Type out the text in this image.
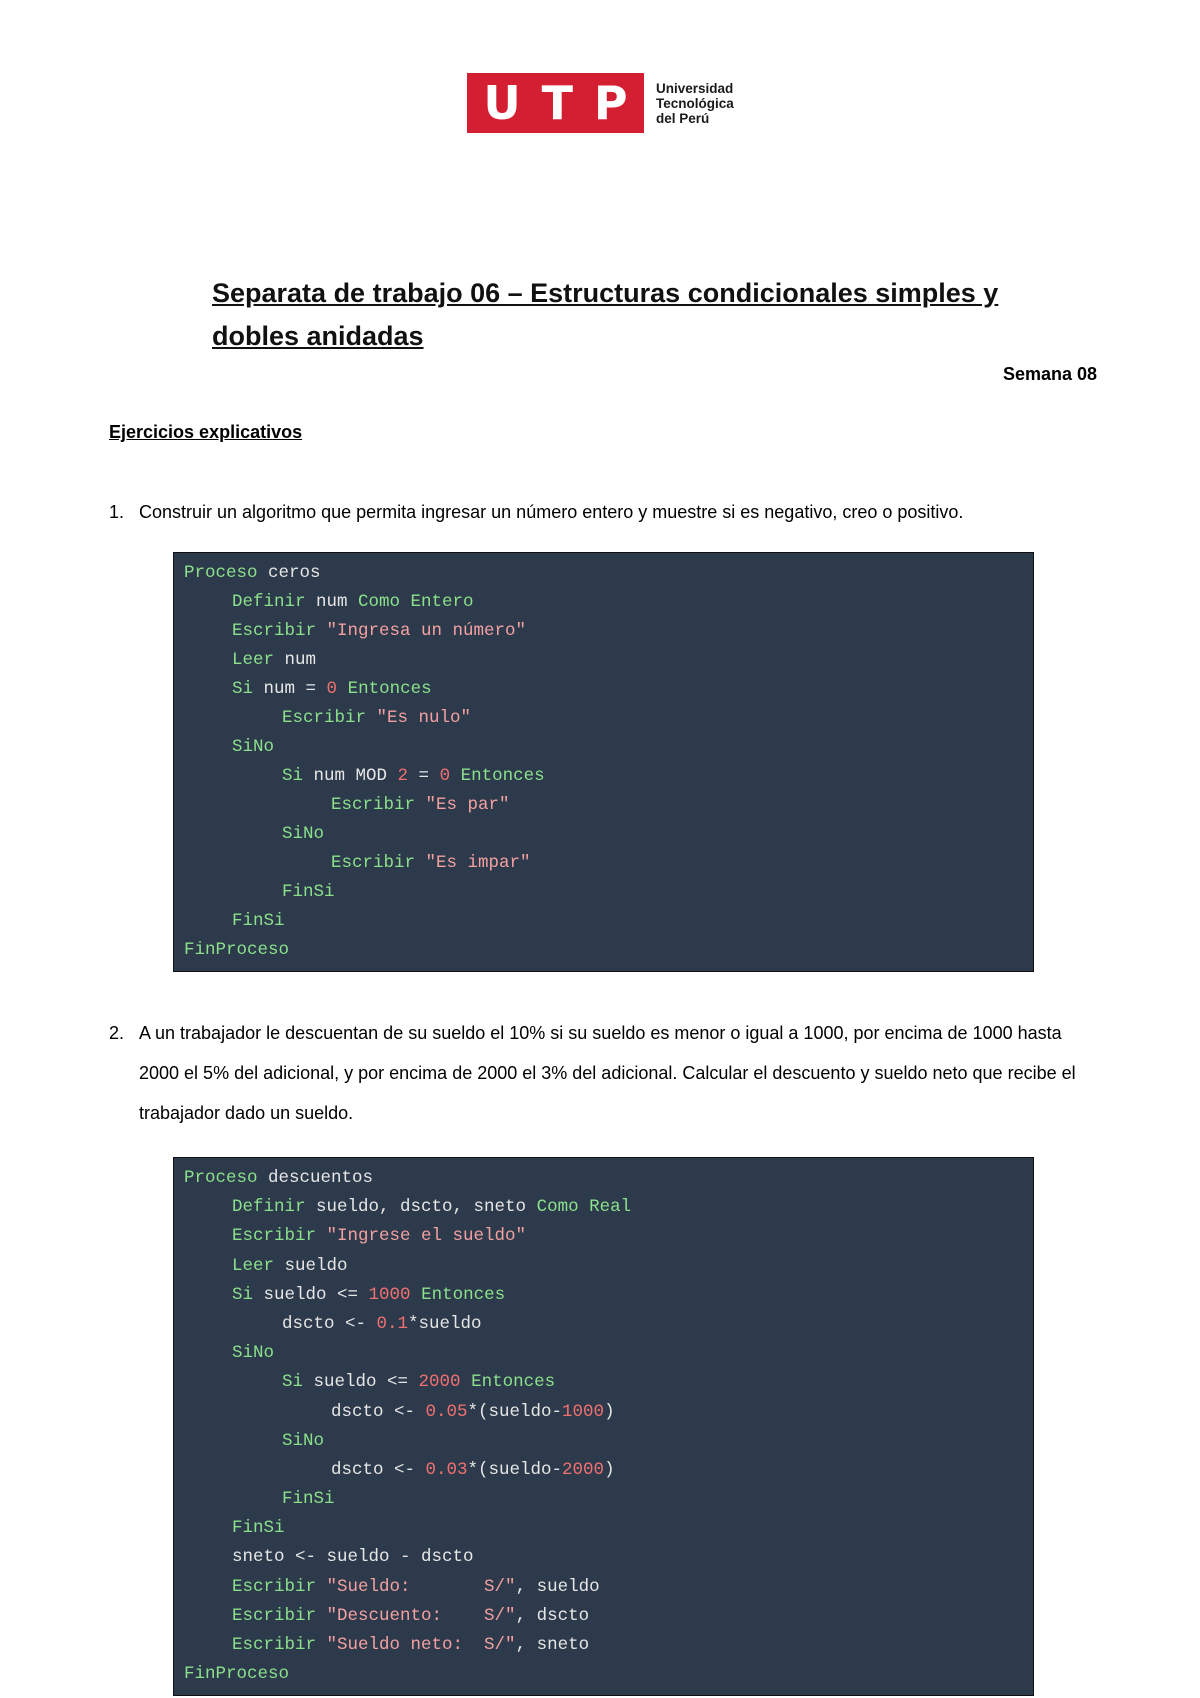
U T P Universidad
Tecnológica
del Perú
Separata de trabajo 06 – Estructuras condicionales simples y dobles anidadas
Semana 08
Ejercicios explicativos
1. Construir un algoritmo que permita ingresar un número entero y muestre si es negativo, creo o positivo.
Proceso ceros
Definir num Como Entero
Escribir "Ingresa un número"
Leer num
Si num = 0 Entonces
Escribir "Es nulo"
SiNo
Si num MOD 2 = 0 Entonces
Escribir "Es par"
SiNo
Escribir "Es impar"
FinSi
FinSi
FinProceso
2. A un trabajador le descuentan de su sueldo el 10% si su sueldo es menor o igual a 1000, por encima de 1000 hasta 2000 el 5% del adicional, y por encima de 2000 el 3% del adicional. Calcular el descuento y sueldo neto que recibe el trabajador dado un sueldo.
Proceso descuentos
Definir sueldo, dscto, sneto Como Real
Escribir "Ingrese el sueldo"
Leer sueldo
Si sueldo <= 1000 Entonces
dscto <- 0.1*sueldo
SiNo
Si sueldo <= 2000 Entonces
dscto <- 0.05*(sueldo-1000)
SiNo
dscto <- 0.03*(sueldo-2000)
FinSi
FinSi
sneto <- sueldo - dscto
Escribir "Sueldo:       S/", sueldo
Escribir "Descuento:    S/", dscto
Escribir "Sueldo neto:  S/", sneto
FinProceso
